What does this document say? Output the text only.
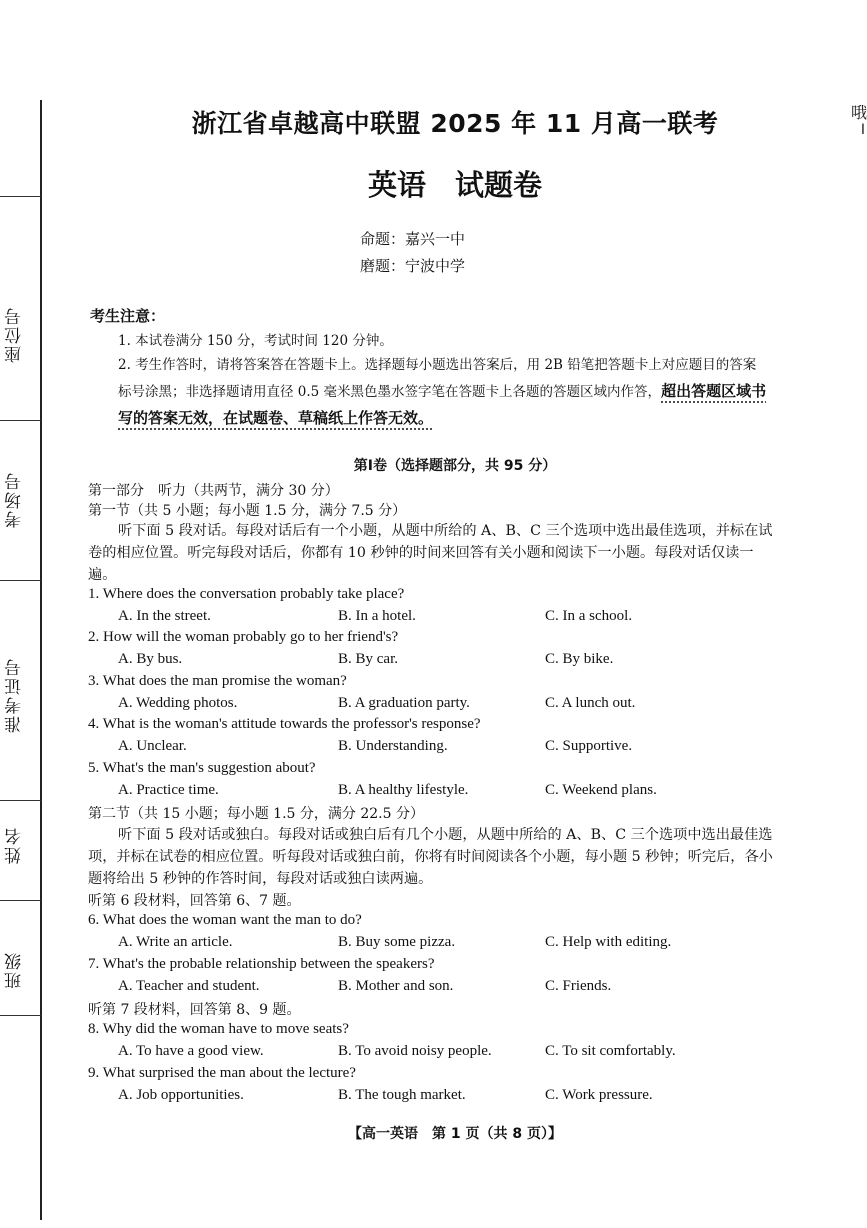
座位号
考场号
准考证号
姓名
班级
哦
I
浙江省卓越高中联盟 2025 年 11 月高一联考
英语　试题卷
命题：嘉兴一中
磨题：宁波中学
考生注意：
1. 本试卷满分 150 分，考试时间 120 分钟。
2. 考生作答时，请将答案答在答题卡上。选择题每小题选出答案后，用 2B 铅笔把答题卡上对应题目的答案标号涂黑；非选择题请用直径 0.5 毫米黑色墨水签字笔在答题卡上各题的答题区域内作答，超出答题区域书写的答案无效，在试题卷、草稿纸上作答无效。
第Ⅰ卷（选择题部分，共 95 分）
第一部分　听力（共两节，满分 30 分）
第一节（共 5 小题；每小题 1.5 分，满分 7.5 分）
听下面 5 段对话。每段对话后有一个小题，从题中所给的 A、B、C 三个选项中选出最佳选项，并标在试卷的相应位置。听完每段对话后，你都有 10 秒钟的时间来回答有关小题和阅读下一小题。每段对话仅读一遍。
1. Where does the conversation probably take place?
A. In the street.	B. In a hotel.	C. In a school.
2. How will the woman probably go to her friend's?
A. By bus.	B. By car.	C. By bike.
3. What does the man promise the woman?
A. Wedding photos.	B. A graduation party.	C. A lunch out.
4. What is the woman's attitude towards the professor's response?
A. Unclear.	B. Understanding.	C. Supportive.
5. What's the man's suggestion about?
A. Practice time.	B. A healthy lifestyle.	C. Weekend plans.
第二节（共 15 小题；每小题 1.5 分，满分 22.5 分）
听下面 5 段对话或独白。每段对话或独白后有几个小题，从题中所给的 A、B、C 三个选项中选出最佳选项，并标在试卷的相应位置。听每段对话或独白前，你将有时间阅读各个小题，每小题 5 秒钟；听完后，各小题将给出 5 秒钟的作答时间，每段对话或独白读两遍。
听第 6 段材料，回答第 6、7 题。
6. What does the woman want the man to do?
A. Write an article.	B. Buy some pizza.	C. Help with editing.
7. What's the probable relationship between the speakers?
A. Teacher and student.	B. Mother and son.	C. Friends.
听第 7 段材料，回答第 8、9 题。
8. Why did the woman have to move seats?
A. To have a good view.	B. To avoid noisy people.	C. To sit comfortably.
9. What surprised the man about the lecture?
A. Job opportunities.	B. The tough market.	C. Work pressure.
【高一英语　第 1 页（共 8 页）】
